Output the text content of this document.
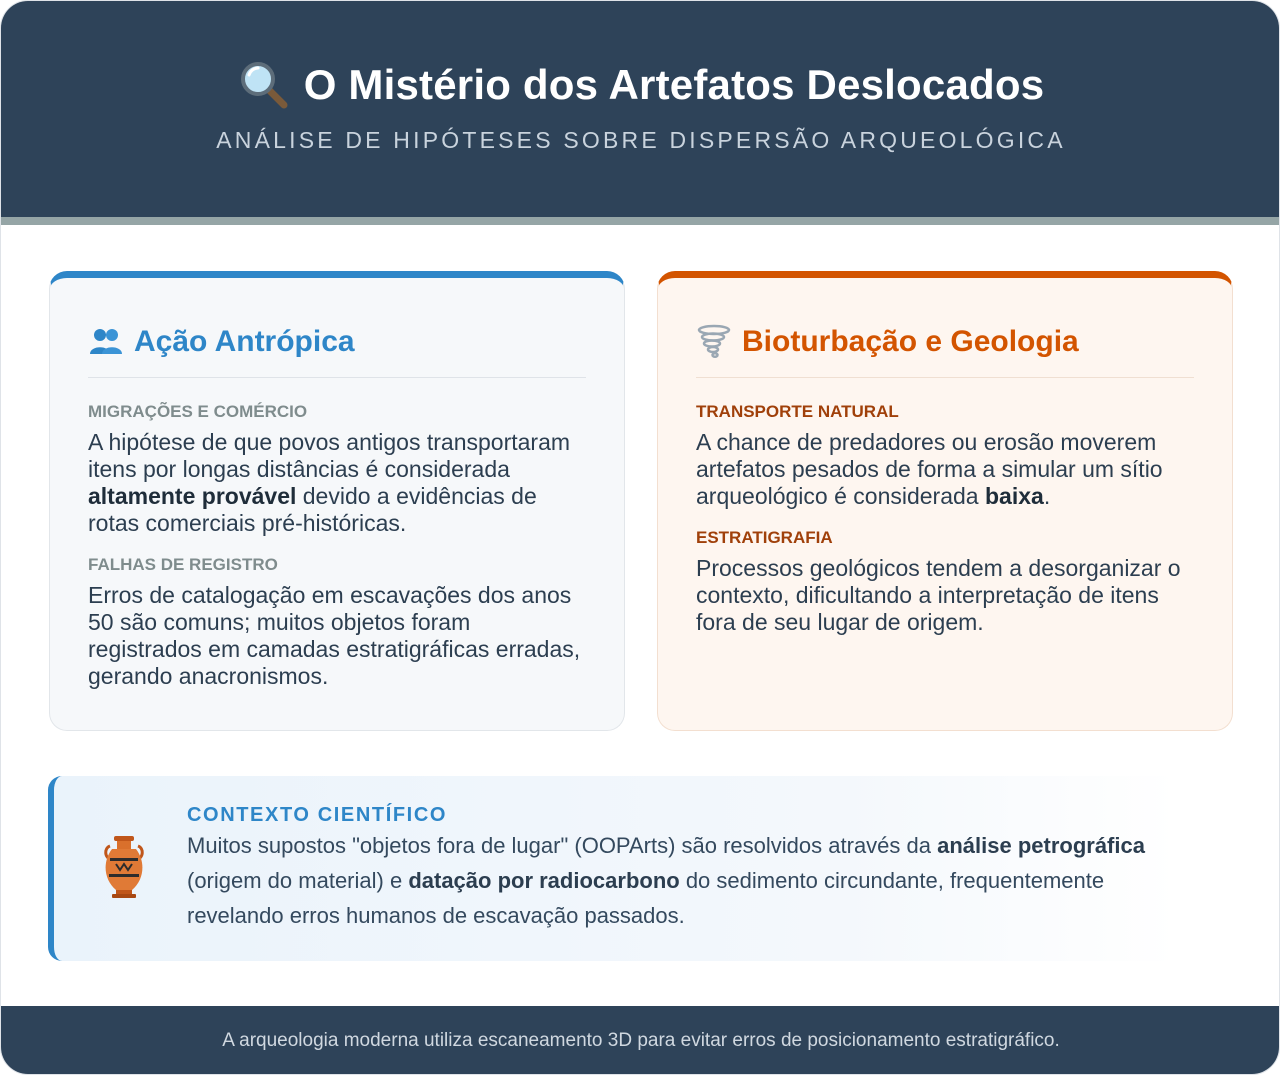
O Mistério dos Artefatos Deslocados
ANÁLISE DE HIPÓTESES SOBRE DISPERSÃO ARQUEOLÓGICA
Ação Antrópica
MIGRAÇÕES E COMÉRCIO
A hipótese de que povos antigos transportaram itens por longas distâncias é considerada altamente provável devido a evidências de rotas comerciais pré-históricas.
FALHAS DE REGISTRO
Erros de catalogação em escavações dos anos 50 são comuns; muitos objetos foram registrados em camadas estratigráficas erradas, gerando anacronismos.
Bioturbação e Geologia
TRANSPORTE NATURAL
A chance de predadores ou erosão moverem artefatos pesados de forma a simular um sítio arqueológico é considerada baixa.
ESTRATIGRAFIA
Processos geológicos tendem a desorganizar o contexto, dificultando a interpretação de itens fora de seu lugar de origem.
CONTEXTO CIENTÍFICO
Muitos supostos "objetos fora de lugar" (OOPArts) são resolvidos através da análise petrográfica (origem do material) e datação por radiocarbono do sedimento circundante, frequentemente revelando erros humanos de escavação passados.
A arqueologia moderna utiliza escaneamento 3D para evitar erros de posicionamento estratigráfico.
